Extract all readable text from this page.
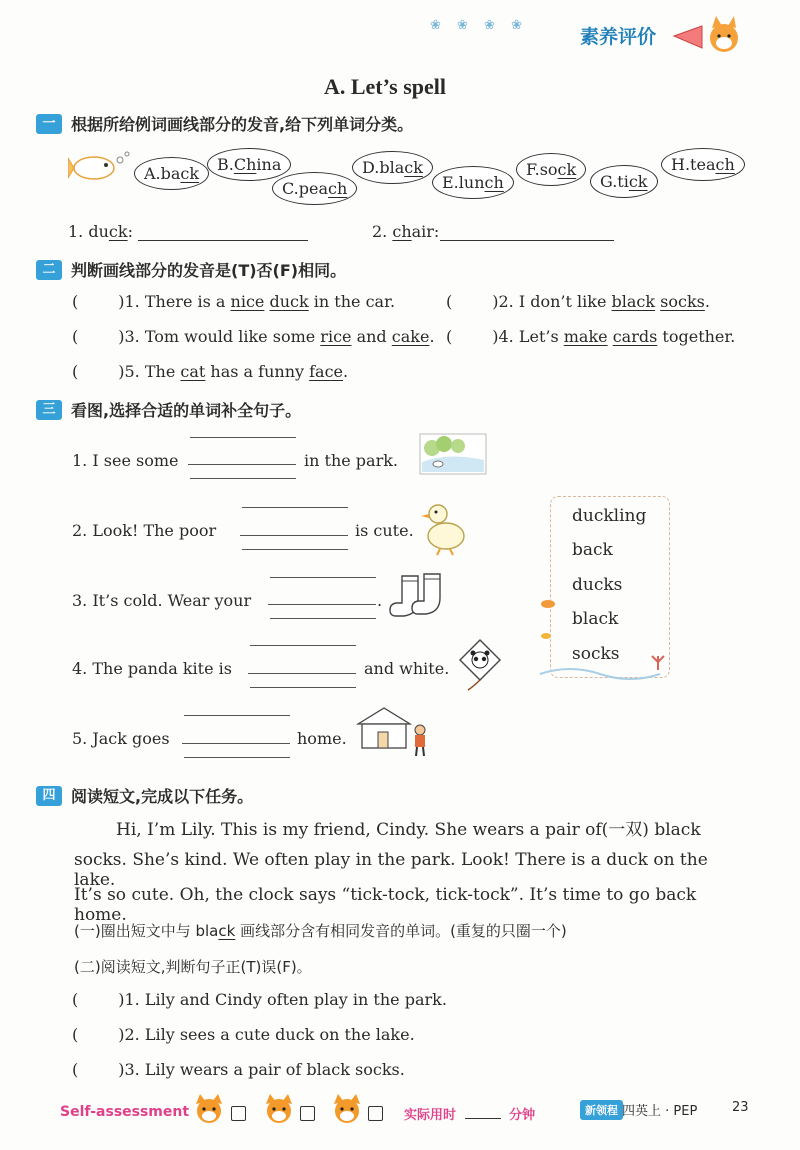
❀ ❀ ❀ ❀
素养评价
A. Let’s spell
一 根据所给例词画线部分的发音,给下列单词分类。
A.back	B.China
C.peach
D.black
E.lunch
F.sock
G.tick
H.teach
1. duck:	2. chair:
二 判断画线部分的发音是(T)否(F)相同。
(	)1. There is a nice duck in the car.	(	)2. I don’t like black socks.
(	)3. Tom would like some rice and cake. (	)4. Let’s make cards together.
(	)5. The cat has a funny face.
三 看图,选择合适的单词补全句子。
1. I see some	in the park.
2. Look! The poor	is cute.
3. It’s cold. Wear your	.
4. The panda kite is	and white.
5. Jack goes	home.
duckling
back
ducks
black
socks
四 阅读短文,完成以下任务。
Hi, I’m Lily. This is my friend, Cindy. She wears a pair of(一双) black
socks. She’s kind. We often play in the park. Look! There is a duck on the lake.
It’s so cute. Oh, the clock says “tick-tock, tick-tock”. It’s time to go back home.
(一)圈出短文中与 black 画线部分含有相同发音的单词。(重复的只圈一个)
(二)阅读短文,判断句子正(T)误(F)。
(	)1. Lily and Cindy often play in the park.
(	)2. Lily sees a cute duck on the lake.
(	)3. Lily wears a pair of black socks.
Self-assessment	实际用时	分钟	新领程 四英上 · PEP	23
